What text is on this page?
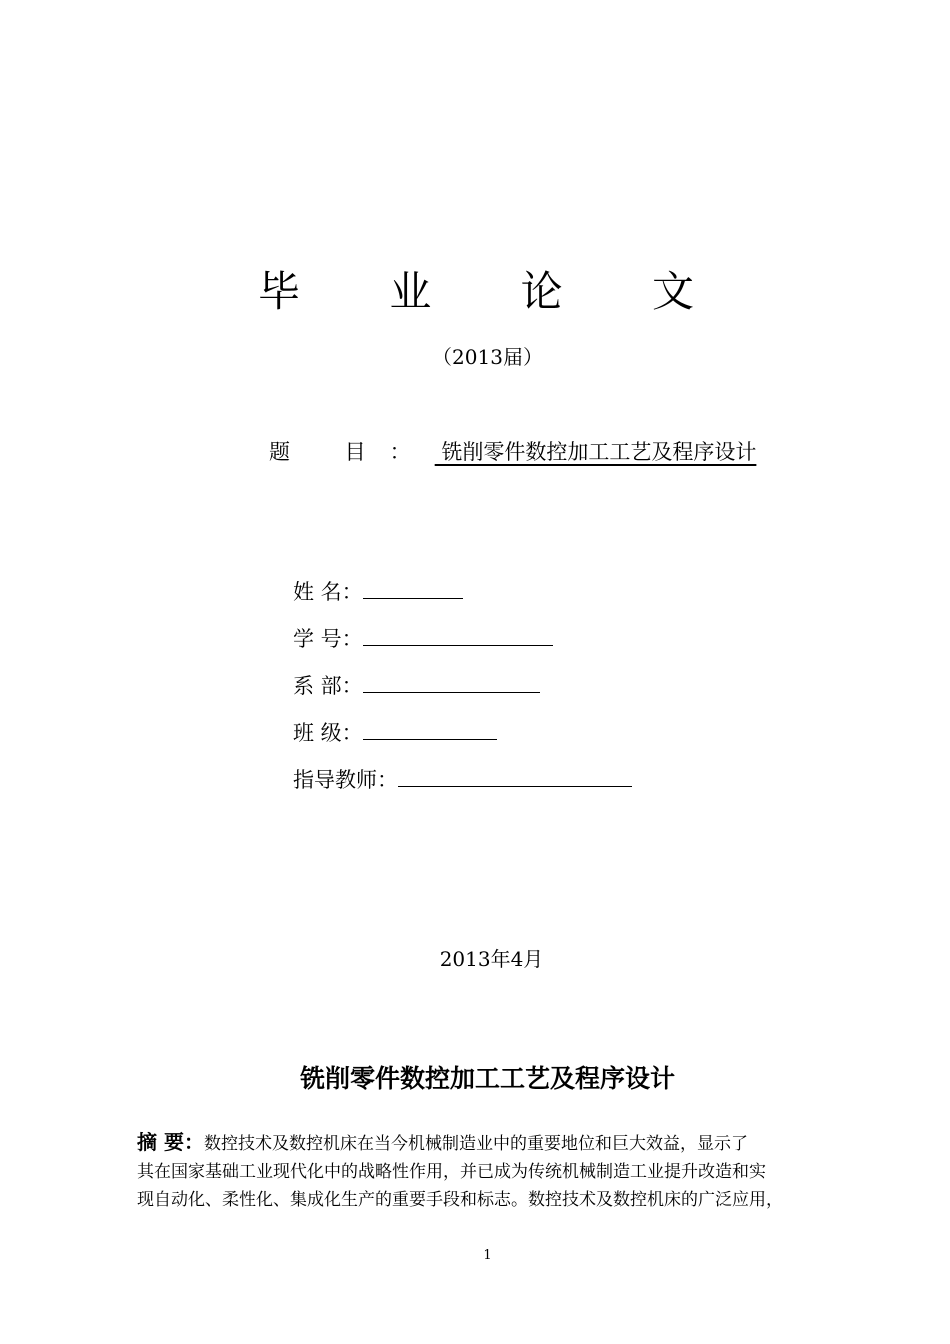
毕 业 论 文
（2013届）
题 目： 铣削零件数控加工工艺及程序设计
姓 名：
学 号：
系 部：
班 级：
指导教师：
2013年4月
铣削零件数控加工工艺及程序设计
摘 要：数控技术及数控机床在当今机械制造业中的重要地位和巨大效益，显示了
其在国家基础工业现代化中的战略性作用，并已成为传统机械制造工业提升改造和实
现自动化、柔性化、集成化生产的重要手段和标志。数控技术及数控机床的广泛应用，
1
